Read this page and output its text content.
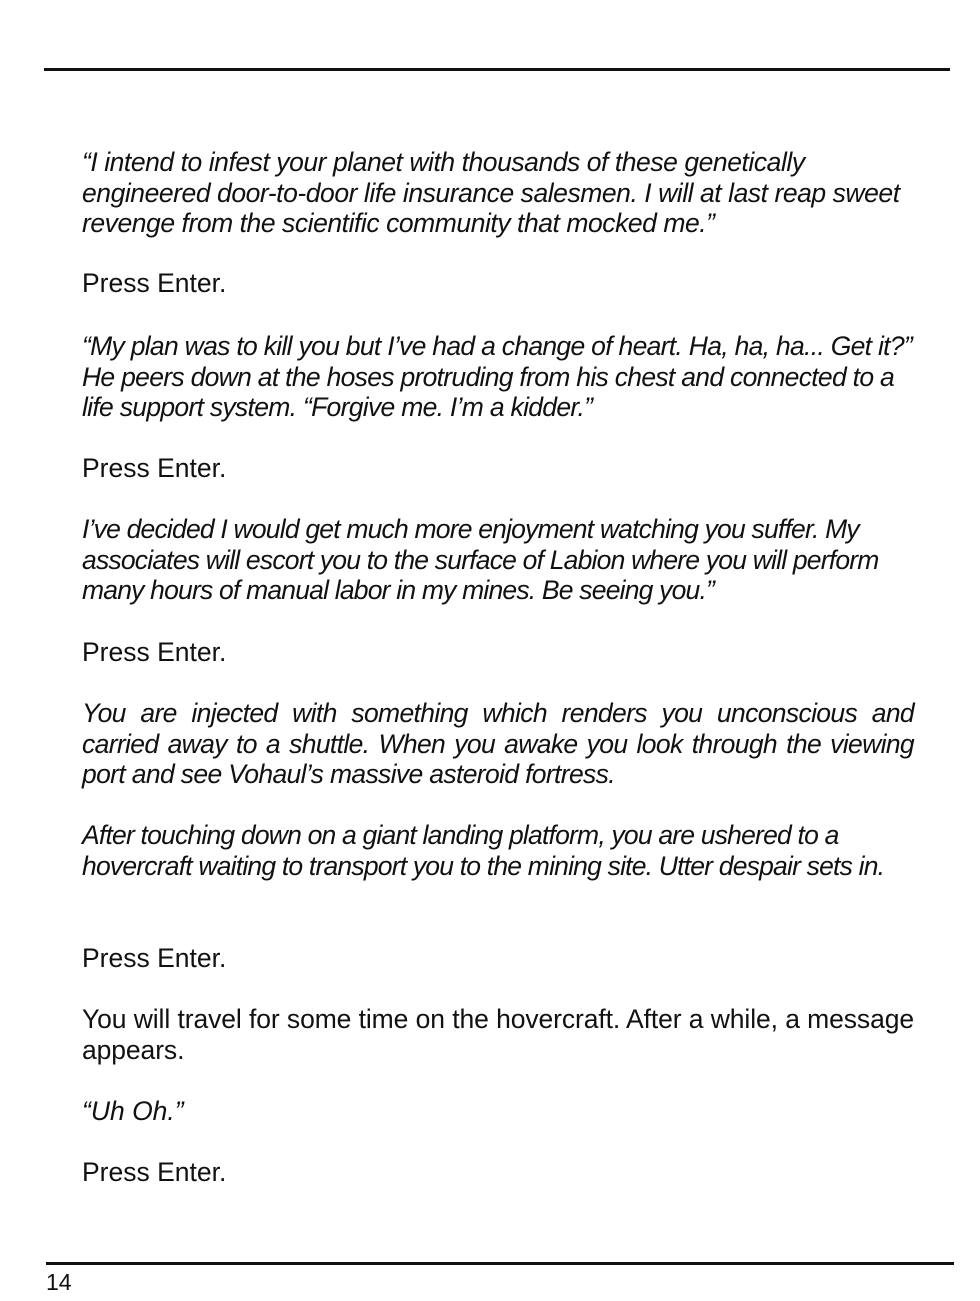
“I intend to infest your planet with thousands of these genetically engineered door-to-door life insurance salesmen. I will at last reap sweet revenge from the scientific community that mocked me.”

Press Enter.

“My plan was to kill you but I’ve had a change of heart. Ha, ha, ha... Get it?” He peers down at the hoses protruding from his chest and connected to a life support system. “Forgive me. I’m a kidder.”

Press Enter.

I’ve decided I would get much more enjoyment watching you suffer. My associates will escort you to the surface of Labion where you will perform many hours of manual labor in my mines. Be seeing you.”

Press Enter.

You are injected with something which renders you unconscious and carried away to a shuttle. When you awake you look through the viewing port and see Vohaul’s massive asteroid fortress.

After touching down on a giant landing platform, you are ushered to a hovercraft waiting to transport you to the mining site. Utter despair sets in.

Press Enter.

You will travel for some time on the hovercraft. After a while, a message appears.

“Uh Oh.”

Press Enter.

14
